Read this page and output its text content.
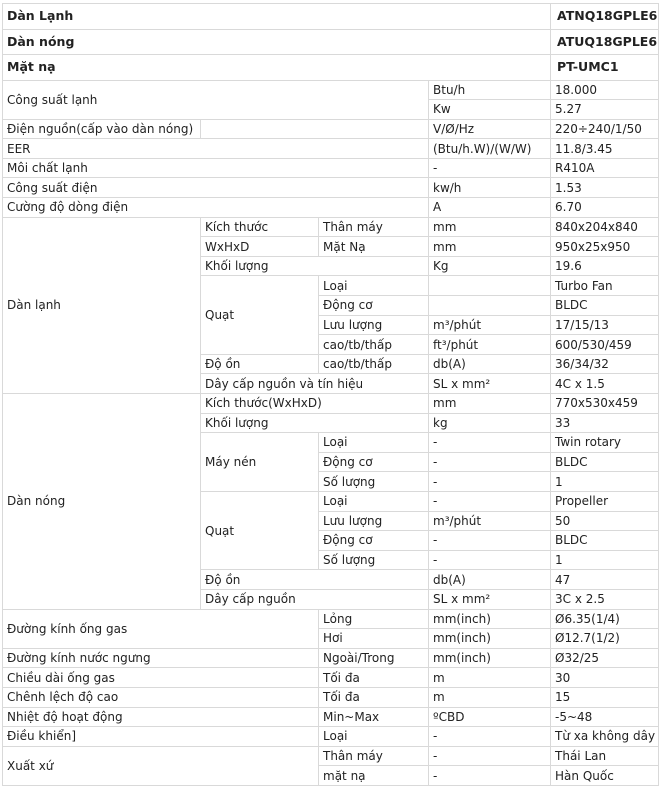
Dàn Lạnh				ATNQ18GPLE6
Dàn nóng				ATUQ18GPLE6
Mặt nạ				PT-UMC1
Công suất lạnh			Btu/h	18.000
			Kw	5.27
Điện nguồn(cấp vào dàn nóng)			V/Ø/Hz	220÷240/1/50
EER			(Btu/h.W)/(W/W)	11.8/3.45
Môi chất lạnh			-	R410A
Công suất điện			kw/h	1.53
Cường độ dòng điện			A	6.70
Dàn lạnh	Kích thước	Thân máy	mm	840x204x840
	WxHxD	Mặt Nạ	mm	950x25x950
	Khối lượng		Kg	19.6
	Quạt	Loại		Turbo Fan
		Động cơ		BLDC
		Lưu lượng	m³/phút	17/15/13
		cao/tb/thấp	ft³/phút	600/530/459
	Độ ồn	cao/tb/thấp	db(A)	36/34/32
	Dây cấp nguồn và tín hiệu		SL x mm²	4C x 1.5
Dàn nóng	Kích thước(WxHxD)		mm	770x530x459
	Khối lượng		kg	33
	Máy nén	Loại	-	Twin rotary
		Động cơ	-	BLDC
		Số lượng	-	1
	Quạt	Loại	-	Propeller
		Lưu lượng	m³/phút	50
		Động cơ	-	BLDC
		Số lượng	-	1
	Độ ồn		db(A)	47
	Dây cấp nguồn		SL x mm²	3C x 2.5
Đường kính ống gas		Lỏng	mm(inch)	Ø6.35(1/4)
		Hơi	mm(inch)	Ø12.7(1/2)
Đường kính nước ngưng		Ngoài/Trong	mm(inch)	Ø32/25
Chiều dài ống gas		Tối đa	m	30
Chênh lệch độ cao		Tối đa	m	15
Nhiệt độ hoạt động		Min~Max	ºCBD	-5~48
Điều khiển]		Loại	-	Từ xa không dây
Xuất xứ		Thân máy	-	Thái Lan
		mặt nạ	-	Hàn Quốc
